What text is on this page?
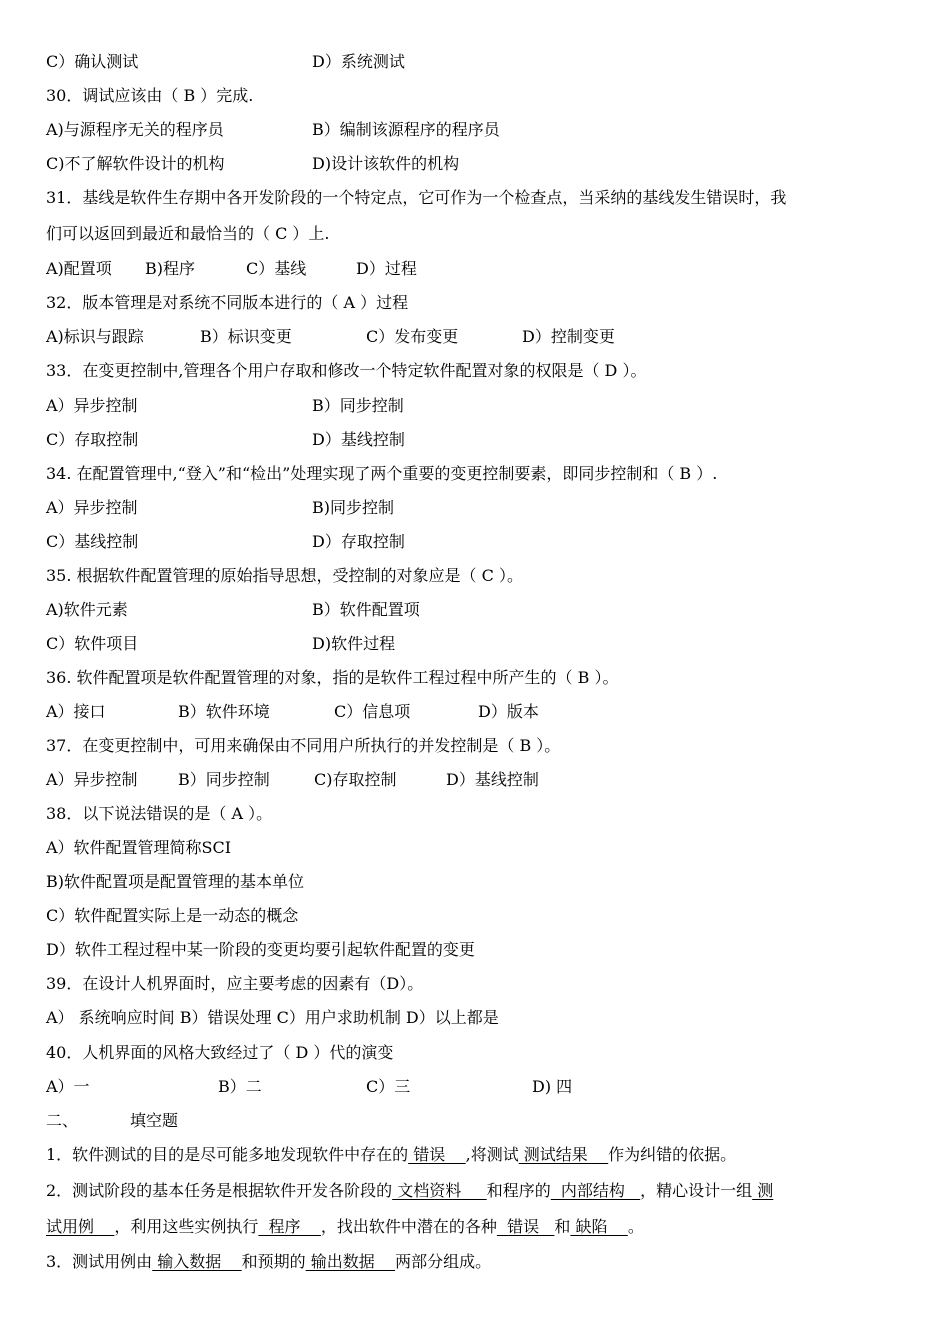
C）确认测试	D）系统测试
30．调试应该由（ B ）完成.
A)与源程序无关的程序员	B）编制该源程序的程序员
C)不了解软件设计的机构	D)设计该软件的机构
31．基线是软件生存期中各开发阶段的一个特定点，它可作为一个检查点，当采纳的基线发生错误时，我
们可以返回到最近和最恰当的（ C ）上.
A)配置项 B)程序	C）基线	D）过程
32．版本管理是对系统不同版本进行的（ A ）过程
A)标识与跟踪	B）标识变更	C）发布变更	D）控制变更
33．在变更控制中,管理各个用户存取和修改一个特定软件配置对象的权限是（ D ）。
A）异步控制	B）同步控制
C）存取控制	D）基线控制
34. 在配置管理中,“登入”和“检出”处理实现了两个重要的变更控制要素，即同步控制和（ B ）.
A）异步控制	B)同步控制
C）基线控制	D）存取控制
35. 根据软件配置管理的原始指导思想，受控制的对象应是（ C ）。
A)软件元素	B）软件配置项
C）软件项目	D)软件过程
36. 软件配置项是软件配置管理的对象，指的是软件工程过程中所产生的（ B ）。
A）接口	B）软件环境	C）信息项	D）版本
37．在变更控制中，可用来确保由不同用户所执行的并发控制是（ B ）。
A）异步控制	B）同步控制	C)存取控制	D）基线控制
38．以下说法错误的是（ A ）。
A）软件配置管理简称SCI
B)软件配置项是配置管理的基本单位
C）软件配置实际上是一动态的概念
D）软件工程过程中某一阶段的变更均要引起软件配置的变更
39．在设计人机界面时，应主要考虑的因素有（D）。
A） 系统响应时间 B）错误处理 C）用户求助机制 D）以上都是
40．人机界面的风格大致经过了（ D ）代的演变
A）一	B）二	C）三	D) 四
二、	填空题
1．软件测试的目的是尽可能多地发现软件中存在的 错误    ,将测试 测试结果    作为纠错的依据。
2．测试阶段的基本任务是根据软件开发各阶段的 文档资料     和程序的  内部结构   ，精心设计一组 测
试用例    ，利用这些实例执行  程序    ，找出软件中潜在的各种  错误   和 缺陷    。
3．测试用例由 输入数据    和预期的 输出数据    两部分组成。
